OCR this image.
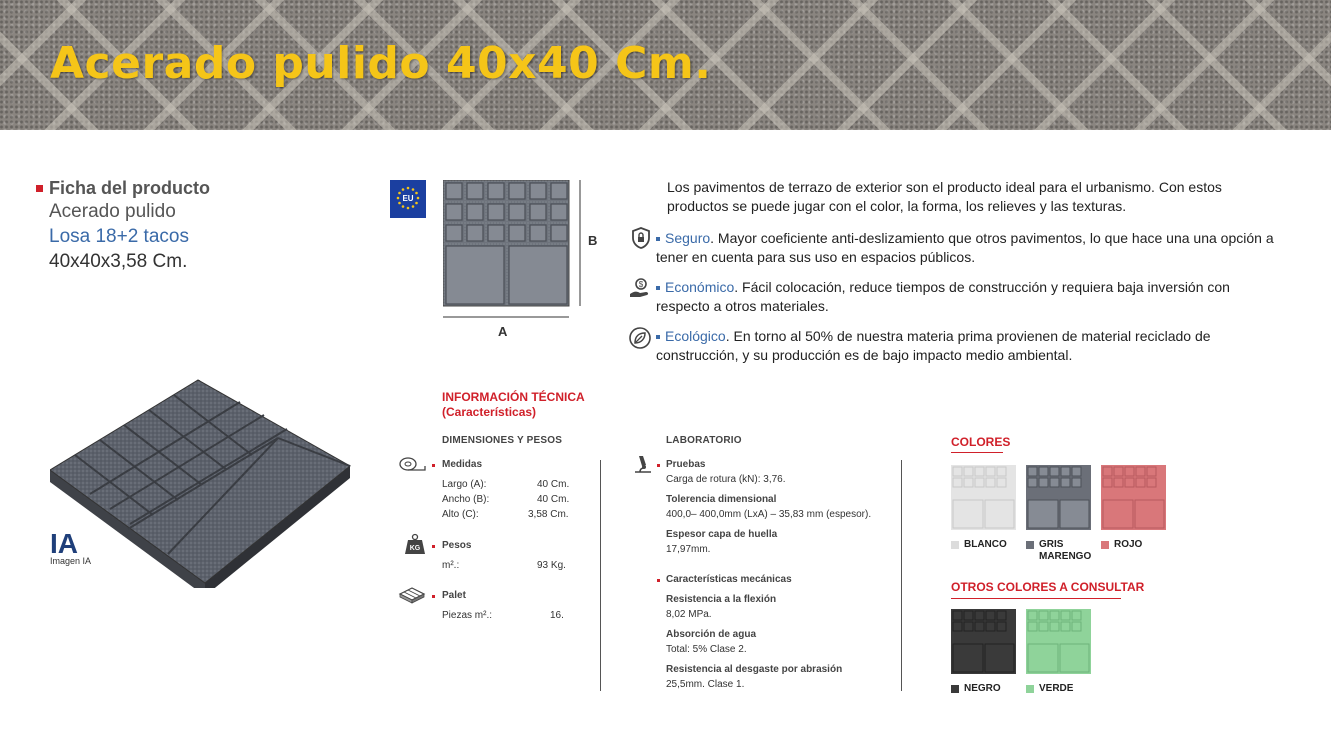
Acerado pulido 40x40 Cm.
Ficha del producto
Acerado pulido
Losa 18+2 tacos
40x40x3,58 Cm.
IA
Imagen IA
EU
B
A
Los pavimentos de terrazo de exterior son el producto ideal para el urbanismo. Con estos productos se puede jugar con el color, la forma, los relieves y las texturas.
Seguro. Mayor coeficiente anti-deslizamiento que otros pavimentos, lo que hace una una opción a tener en cuenta para sus uso en espacios públicos.
$	Económico. Fácil colocación, reduce tiempos de construcción y requiera baja inversión con respecto a otros materiales.
Ecológico. En torno al 50% de nuestra materia prima provienen de material reciclado de construcción, y su producción es de bajo impacto medio ambiental.
INFORMACIÓN TÉCNICA
(Características)
DIMENSIONES Y PESOS
Medidas
Largo (A):	40 Cm.
Ancho (B):	40 Cm.
Alto (C):	3,58 Cm.
KG Pesos
m².:	93 Kg.
Palet
Piezas m².:	16.
LABORATORIO
Pruebas
Carga de rotura (kN): 3,76.
Tolerencia dimensional
400,0– 400,0mm (LxA) – 35,83 mm (espesor).
Espesor capa de huella
17,97mm.
Características mecánicas
Resistencia a la flexión
8,02 MPa.
Absorción de agua
Total: 5% Clase 2.
Resistencia al desgaste por abrasión
25,5mm. Clase 1.
COLORES
BLANCO	GRIS
MARENGO
ROJO
OTROS COLORES A CONSULTAR
NEGRO	VERDE
